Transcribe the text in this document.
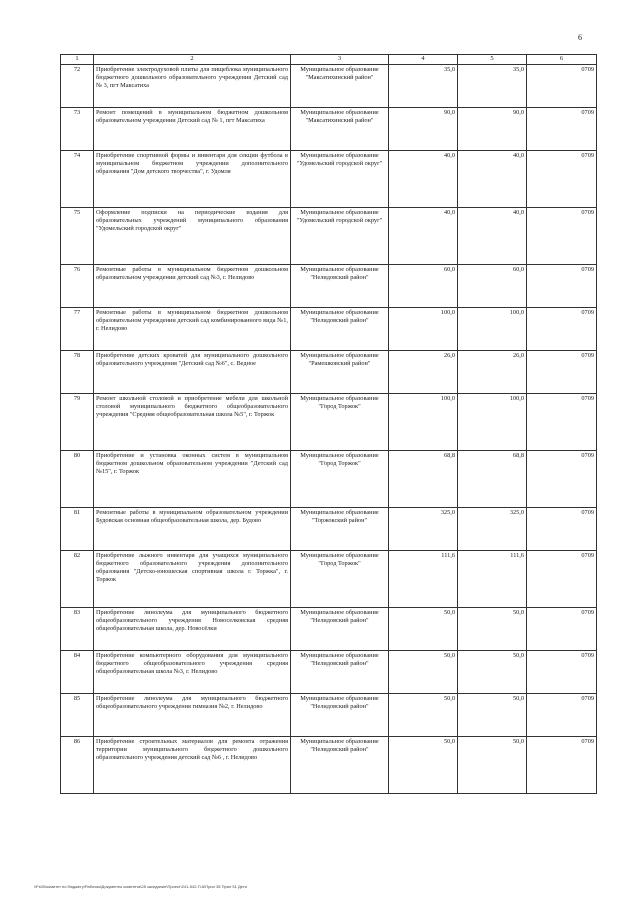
6
1	2	3	4	5	6
72	Приобретение электродуховой плиты для пищеблока муниципального бюджетного дошкольного образовательного учреждения Детский сад № 3, пгт Максатиха	Муниципальное образование "Максатихинский район"	35,0	35,0	0709
73	Ремонт помещений в муниципальном бюджетном дошкольном образовательном учреждении Детский сад № 1, пгт Максатиха	Муниципальное образование "Максатихинский район"	90,0	90,0	0709
74	Приобретение спортивной формы и инвентаря для секции футбола в муниципальном бюджетном учреждении дополнительного образования "Дом детского творчества", г. Удомля	Муниципальное образование "Удомельский городской округ"	40,0	40,0	0709
75	Оформление подписки на периодические издания для образовательных учреждений муниципального образования "Удомельский городской округ"	Муниципальное образование "Удомельский городской округ"	40,0	40,0	0709
76	Ремонтные работы в муниципальном бюджетном дошкольном образовательном учреждении детский сад №3, г. Нелидово	Муниципальное образование "Нелидовский район"	60,0	60,0	0709
77	Ремонтные работы в муниципальном бюджетном дошкольном образовательном учреждении детский сад комбинированного вида №1, г. Нелидово	Муниципальное образование "Нелидовский район"	100,0	100,0	0709
78	Приобретение детских кроватей для муниципального дошкольного образовательного учреждения "Детский сад №6", с. Ведное	Муниципальное образование "Рамешковский район"	26,0	26,0	0709
79	Ремонт школьной столовой и приобретение мебели для школьной столовой муниципального бюджетного общеобразовательного учреждения "Средняя общеобразовательная школа №5", г. Торжок	Муниципальное образование "Город Торжок"	100,0	100,0	0709
80	Приобретение и установка оконных систем в муниципальном бюджетном дошкольном образовательном учреждении "Детский сад №15", г. Торжок	Муниципальное образование "Город Торжок"	68,8	68,8	0709
81	Ремонтные работы в муниципальном образовательном учреждении Будовская основная общеобразовательная школа, дер. Будово	Муниципальное образование "Торжокский район"	325,0	325,0	0709
82	Приобретение лыжного инвентаря для учащихся муниципального бюджетного образовательного учреждения дополнительного образования "Детско-юношеская спортивная школа г. Торжка", г. Торжок	Муниципальное образование "Город Торжок"	111,6	111,6	0709
83	Приобретение линолеума для муниципального бюджетного общеобразовательного учреждения Новоселковская средняя общеобразовательная школа, дер. Новосёлки	Муниципальное образование "Нелидовский район"	50,0	50,0	0709
84	Приобретение компьютерного оборудования для муниципального бюджетного общеобразовательного учреждения средняя общеобразовательная школа №3, г. Нелидово	Муниципальное образование "Нелидовский район"	50,0	50,0	0709
85	Приобретение линолеума для муниципального бюджетного общеобразовательного учреждения гимназия №2, г. Нелидово	Муниципальное образование "Нелидовский район"	50,0	50,0	0709
86	Приобретение строительных материалов для ремонта отражения территории муниципального бюджетного дошкольного образовательного учреждения детский сад №6 , г. Нелидово	Муниципальное образование "Нелидовский район"	50,0	50,0	0709
\\Fs00\комитет по бюджету\Рабочая\Документы комитета\28 заседание\Проект\241-542-П-6\Прил 35 Прил 51 Дети
